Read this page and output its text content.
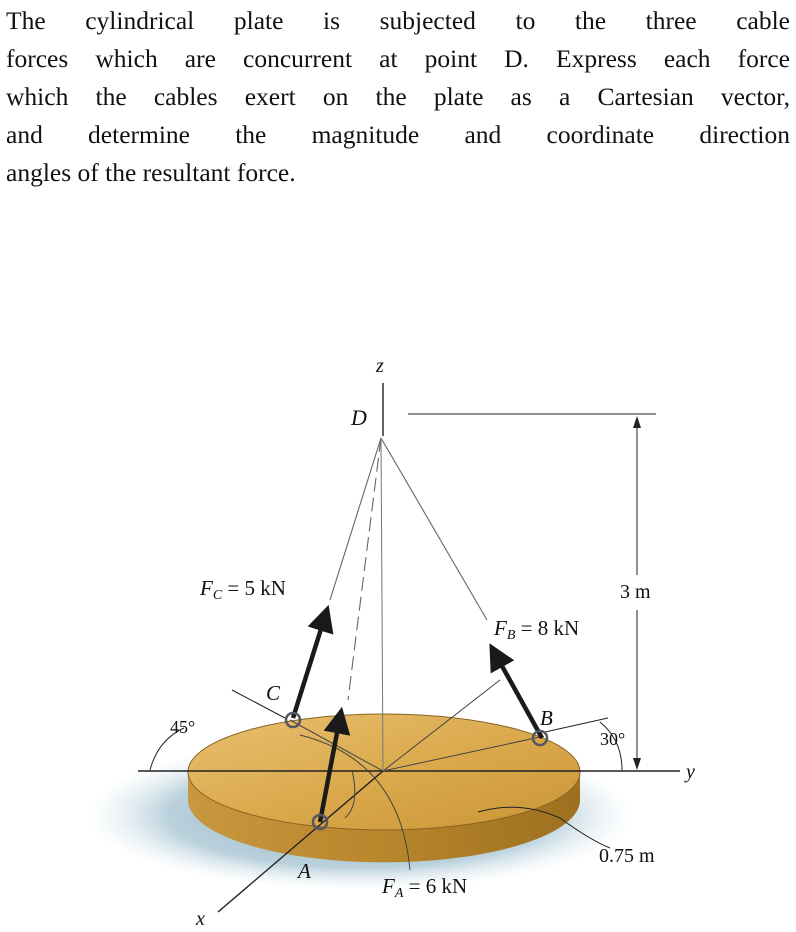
The cylindrical plate is subjected to the three cable
forces which are concurrent at point D. Express each force
which the cables exert on the plate as a Cartesian vector,
and determine the magnitude and coordinate direction
angles of the resultant force.
z
D
y
x
C
B
A
FC = 5 kN
FB = 8 kN
FA = 6 kN
3 m
0.75 m
45°
30°
